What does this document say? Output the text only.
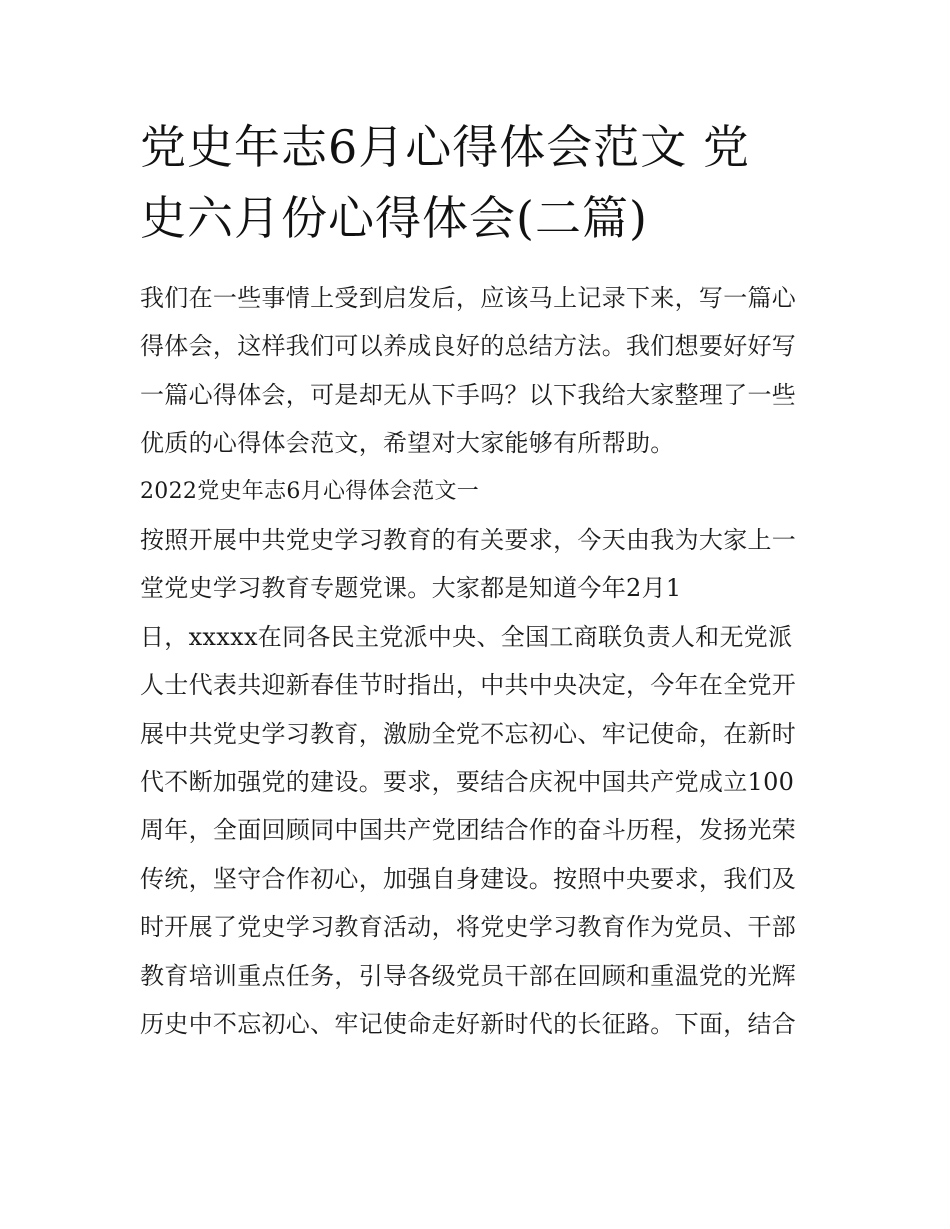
党史年志6月心得体会范文 党
史六月份心得体会(二篇)
我们在一些事情上受到启发后，应该马上记录下来，写一篇心
得体会，这样我们可以养成良好的总结方法。我们想要好好写
一篇心得体会，可是却无从下手吗？以下我给大家整理了一些
优质的心得体会范文，希望对大家能够有所帮助。
2022党史年志6月心得体会范文一
按照开展中共党史学习教育的有关要求，今天由我为大家上一
堂党史学习教育专题党课。大家都是知道今年2月1
日，xxxxx在同各民主党派中央、全国工商联负责人和无党派
人士代表共迎新春佳节时指出，中共中央决定，今年在全党开
展中共党史学习教育，激励全党不忘初心、牢记使命，在新时
代不断加强党的建设。要求，要结合庆祝中国共产党成立100
周年，全面回顾同中国共产党团结合作的奋斗历程，发扬光荣
传统，坚守合作初心，加强自身建设。按照中央要求，我们及
时开展了党史学习教育活动，将党史学习教育作为党员、干部
教育培训重点任务，引导各级党员干部在回顾和重温党的光辉
历史中不忘初心、牢记使命走好新时代的长征路。下面，结合
